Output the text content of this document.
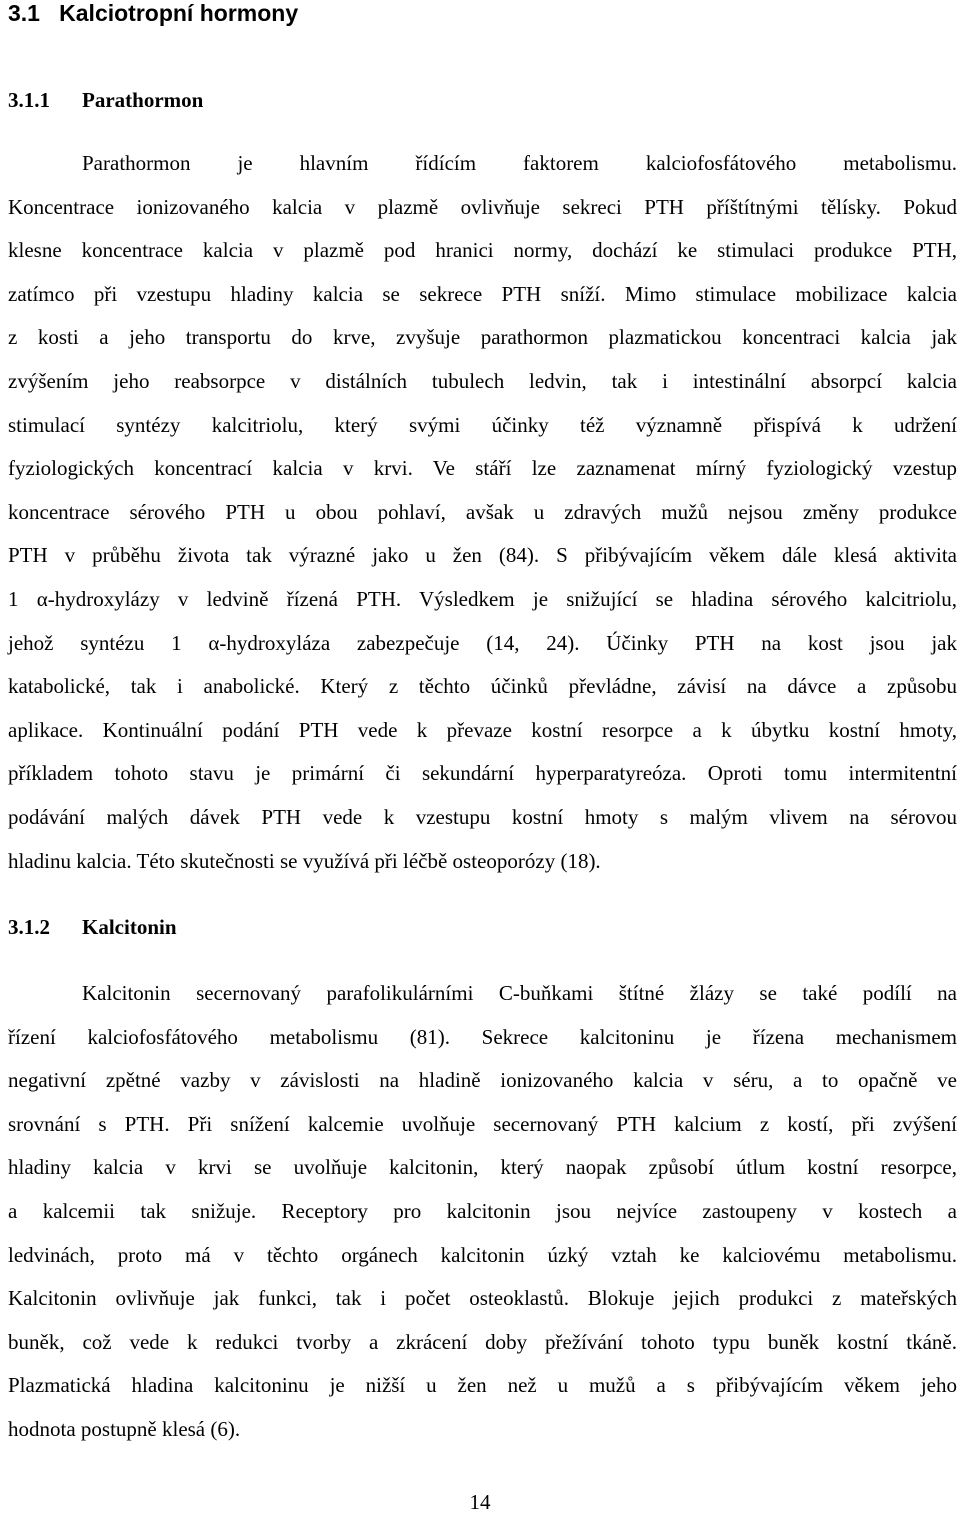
3.1 Kalciotropní hormony
3.1.1 Parathormon
Parathormon je hlavním řídícím faktorem kalciofosfátového metabolismu.
Koncentrace ionizovaného kalcia v plazmě ovlivňuje sekreci PTH příštítnými tělísky. Pokud
klesne koncentrace kalcia v plazmě pod hranici normy, dochází ke stimulaci produkce PTH,
zatímco při vzestupu hladiny kalcia se sekrece PTH sníží. Mimo stimulace mobilizace kalcia
z kosti a jeho transportu do krve, zvyšuje parathormon plazmatickou koncentraci kalcia jak
zvýšením jeho reabsorpce v distálních tubulech ledvin, tak i intestinální absorpcí kalcia
stimulací syntézy kalcitriolu, který svými účinky též významně přispívá k udržení
fyziologických koncentrací kalcia v krvi. Ve stáří lze zaznamenat mírný fyziologický vzestup
koncentrace sérového PTH u obou pohlaví, avšak u zdravých mužů nejsou změny produkce
PTH v průběhu života tak výrazné jako u žen (84). S přibývajícím věkem dále klesá aktivita
1 α-hydroxylázy v ledvině řízená PTH. Výsledkem je snižující se hladina sérového kalcitriolu,
jehož syntézu 1 α-hydroxyláza zabezpečuje (14, 24). Účinky PTH na kost jsou jak
katabolické, tak i anabolické. Který z těchto účinků převládne, závisí na dávce a způsobu
aplikace. Kontinuální podání PTH vede k převaze kostní resorpce a k úbytku kostní hmoty,
příkladem tohoto stavu je primární či sekundární hyperparatyreóza. Oproti tomu intermitentní
podávání malých dávek PTH vede k vzestupu kostní hmoty s malým vlivem na sérovou
hladinu kalcia. Této skutečnosti se využívá při léčbě osteoporózy (18).
3.1.2 Kalcitonin
Kalcitonin secernovaný parafolikulárními C-buňkami štítné žlázy se také podílí na
řízení kalciofosfátového metabolismu (81). Sekrece kalcitoninu je řízena mechanismem
negativní zpětné vazby v závislosti na hladině ionizovaného kalcia v séru, a to opačně ve
srovnání s PTH. Při snížení kalcemie uvolňuje secernovaný PTH kalcium z kostí, při zvýšení
hladiny kalcia v krvi se uvolňuje kalcitonin, který naopak způsobí útlum kostní resorpce,
a kalcemii tak snižuje. Receptory pro kalcitonin jsou nejvíce zastoupeny v kostech a
ledvinách, proto má v těchto orgánech kalcitonin úzký vztah ke kalciovému metabolismu.
Kalcitonin ovlivňuje jak funkci, tak i počet osteoklastů. Blokuje jejich produkci z mateřských
buněk, což vede k redukci tvorby a zkrácení doby přežívání tohoto typu buněk kostní tkáně.
Plazmatická hladina kalcitoninu je nižší u žen než u mužů a s přibývajícím věkem jeho
hodnota postupně klesá (6).
14
